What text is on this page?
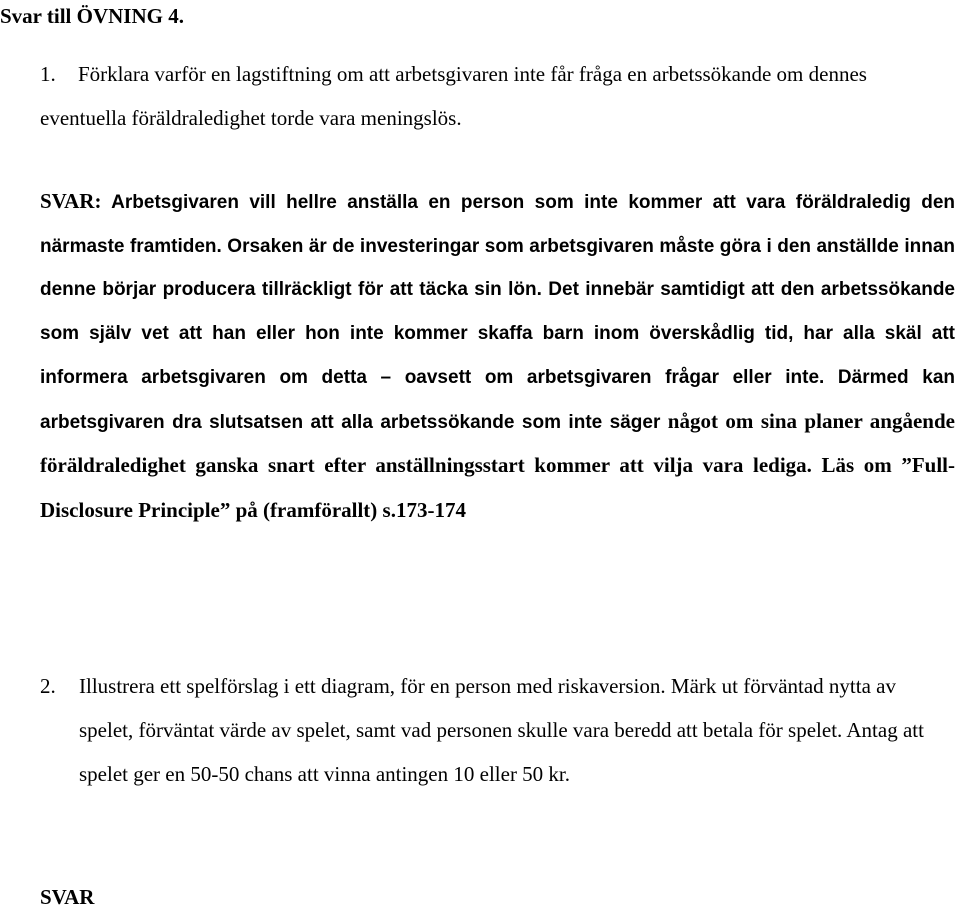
Svar till ÖVNING 4.
1.	Förklara varför en lagstiftning om att arbetsgivaren inte får fråga en arbetssökande om dennes eventuella föräldraledighet torde vara meningslös.
SVAR: Arbetsgivaren vill hellre anställa en person som inte kommer att vara föräldraledig den närmaste framtiden. Orsaken är de investeringar som arbetsgivaren måste göra i den anställde innan denne börjar producera tillräckligt för att täcka sin lön. Det innebär samtidigt att den arbetssökande som själv vet att han eller hon inte kommer skaffa barn inom överskådlig tid, har alla skäl att informera arbetsgivaren om detta – oavsett om arbetsgivaren frågar eller inte. Därmed kan arbetsgivaren dra slutsatsen att alla arbetssökande som inte säger något om sina planer angående föräldraledighet ganska snart efter anställningsstart kommer att vilja vara lediga. Läs om ”Full-Disclosure Principle” på (framförallt) s.173-174
2. Illustrera ett spelförslag i ett diagram, för en person med riskaversion. Märk ut förväntad nytta av spelet, förväntat värde av spelet, samt vad personen skulle vara beredd att betala för spelet. Antag att spelet ger en 50-50 chans att vinna antingen 10 eller 50 kr.
SVAR
